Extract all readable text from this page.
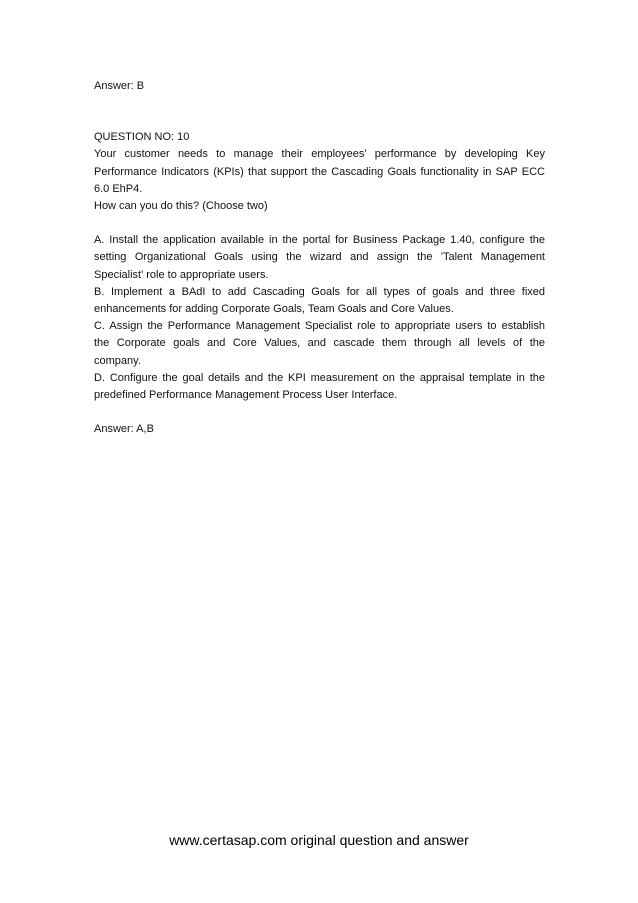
Answer: B
QUESTION NO: 10
Your customer needs to manage their employees' performance by developing Key
Performance Indicators (KPIs) that support the Cascading Goals functionality in SAP ECC
6.0 EhP4.
How can you do this? (Choose two)
A. Install the application available in the portal for Business Package 1.40, configure the
setting Organizational Goals using the wizard and assign the 'Talent Management
Specialist' role to appropriate users.
B. Implement a BAdI to add Cascading Goals for all types of goals and three fixed
enhancements for adding Corporate Goals, Team Goals and Core Values.
C. Assign the Performance Management Specialist role to appropriate users to establish
the Corporate goals and Core Values, and cascade them through all levels of the
company.
D. Configure the goal details and the KPI measurement on the appraisal template in the
predefined Performance Management Process User Interface.
Answer: A,B
www.certasap.com original question and answer
